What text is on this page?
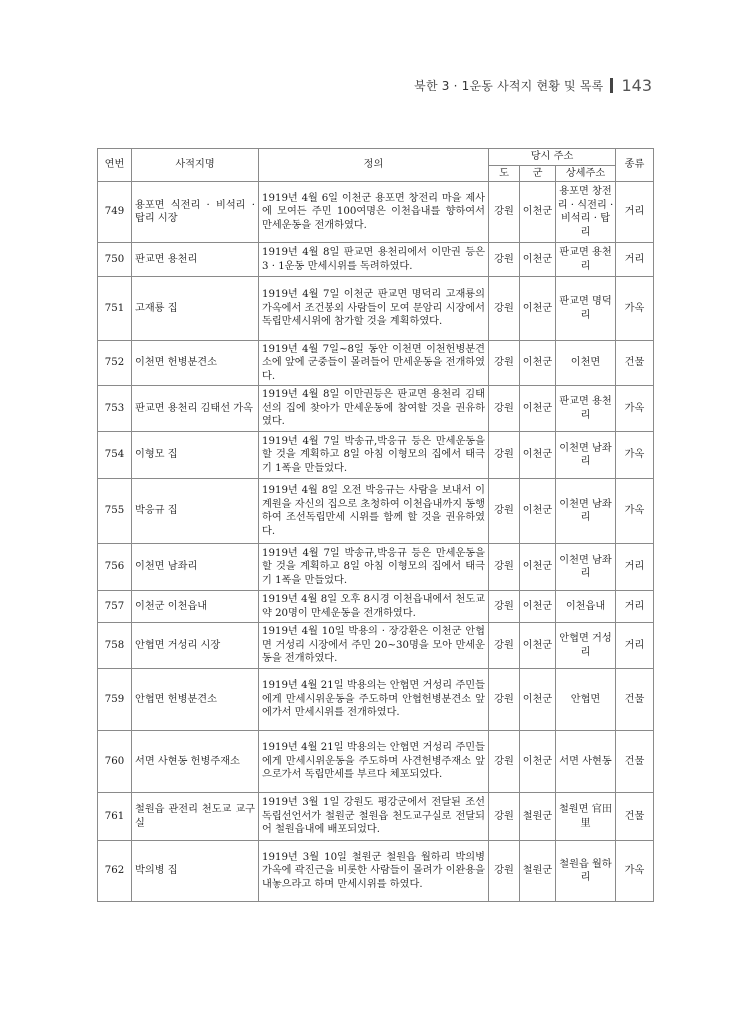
북한 3 · 1운동 사적지 현황 및 목록 143
연번	사적지명	정의	당시 주소			종류
			도	군	상세주소	
749	용포면 식전리 · 비석리 · 탑리 시장	1919년 4월 6일 이천군 용포면 창전리 마을 제사에 모여든 주민 100여명은 이천읍내를 향하여서 만세운동을 전개하였다.	강원	이천군	용포면 창전리 · 식전리 · 비석리 · 탑리	거리
750	판교면 용천리	1919년 4월 8일 판교면 용천리에서 이만권 등은 3 · 1운동 만세시위를 독려하였다.	강원	이천군	판교면 용천리	거리
751	고재룡 집	1919년 4월 7일 이천군 판교면 명덕리 고재룡의 가옥에서 조건봉외 사람들이 모여 문암리 시장에서 독립만세시위에 참가할 것을 계획하였다.	강원	이천군	판교면 명덕리	가옥
752	이천면 헌병분견소	1919년 4월 7일~8일 동안 이천면 이천헌병분견소에 앞에 군중들이 몰려들어 만세운동을 전개하였다.	강원	이천군	이천면	건물
753	판교면 용천리 김태선 가옥	1919년 4월 8일 이만권등은 판교면 용천리 김태선의 집에 찾아가 만세운동에 참여할 것을 권유하였다.	강원	이천군	판교면 용천리	가옥
754	이형모 집	1919년 4월 7일 박송규,박응규 등은 만세운동을 할 것을 계획하고 8일 아침 이형모의 집에서 태극기 1폭을 만들었다.	강원	이천군	이천면 남좌리	가옥
755	박응규 집	1919년 4월 8일 오전 박응규는 사람을 보내서 이계원을 자신의 집으로 초청하여 이천읍내까지 동행하여 조선독립만세 시위를 함께 할 것을 권유하였다.	강원	이천군	이천면 남좌리	가옥
756	이천면 남좌리	1919년 4월 7일 박송규,박응규 등은 만세운동을 할 것을 계획하고 8일 아침 이형모의 집에서 태극기 1폭을 만들었다.	강원	이천군	이천면 남좌리	거리
757	이천군 이천읍내	1919년 4월 8일 오후 8시경 이천읍내에서 천도교 약 20명이 만세운동을 전개하였다.	강원	이천군	이천읍내	거리
758	안협면 거성리 시장	1919년 4월 10일 박용의 · 장강환은 이천군 안협면 거성리 시장에서 주민 20~30명을 모아 만세운동을 전개하였다.	강원	이천군	안협면 거성리	거리
759	안협면 헌병분견소	1919년 4월 21일 박용의는 안협면 거성리 주민들에게 만세시위운동을 주도하며 안협헌병분견소 앞에가서 만세시위를 전개하였다.	강원	이천군	안협면	건물
760	서면 사현동 헌병주재소	1919년 4월 21일 박용의는 안협면 거성리 주민들에게 만세시위운동을 주도하며 사견헌병주재소 앞으로가서 독립만세를 부르다 체포되었다.	강원	이천군	서면 사현동	건물
761	철원읍 관전리 천도교 교구실	1919년 3월 1일 강원도 평강군에서 전달된 조선독립선언서가 철원군 철원읍 천도교구실로 전달되어 철원읍내에 배포되었다.	강원	철원군	철원면 官田里	건물
762	박의병 집	1919년 3월 10일 철원군 철원읍 월하리 박의병 가옥에 곽진근을 비롯한 사람들이 몰려가 이완용을 내놓으라고 하며 만세시위를 하였다.	강원	철원군	철원읍 월하리	가옥
